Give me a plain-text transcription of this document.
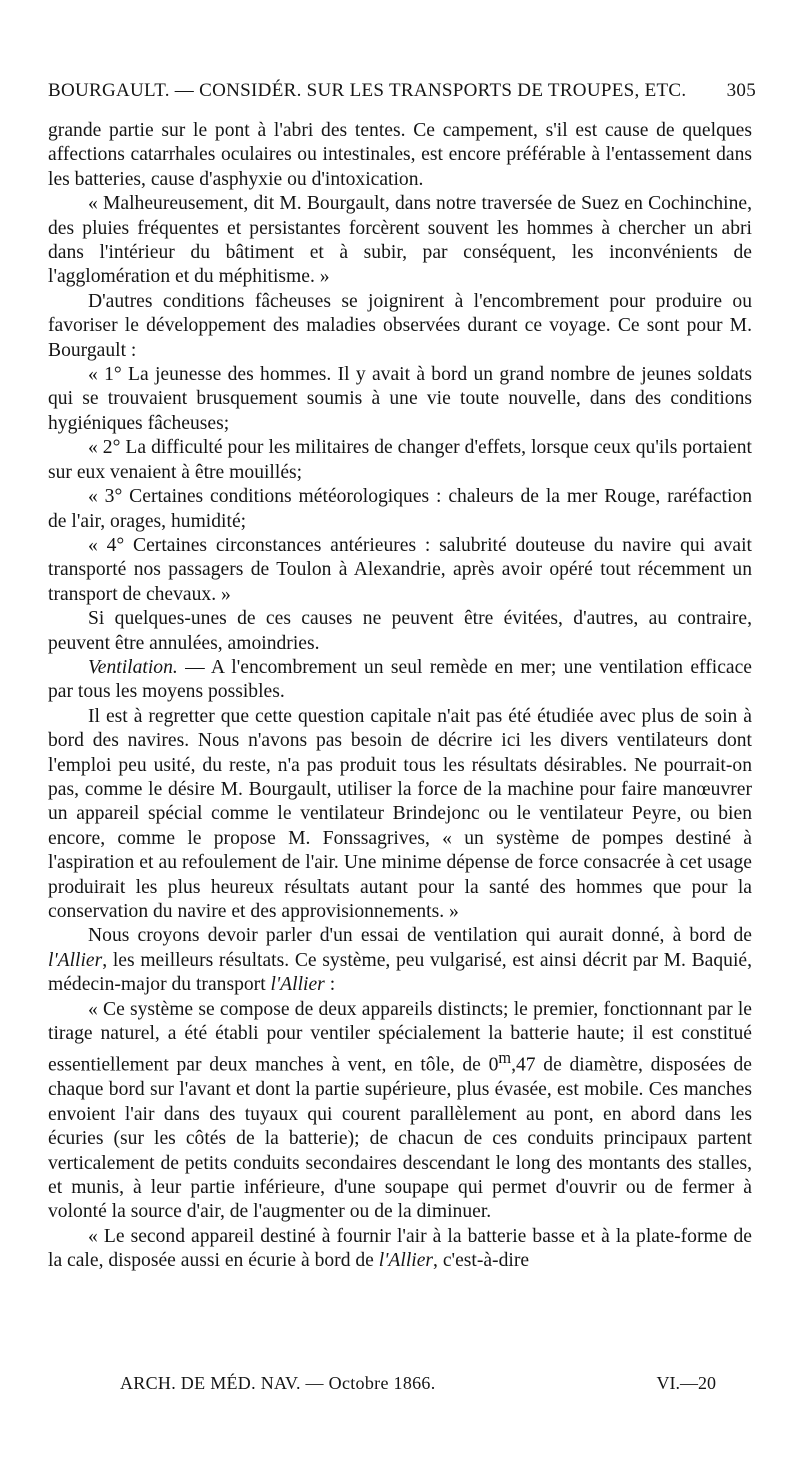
BOURGAULT. — CONSIDÉR. SUR LES TRANSPORTS DE TROUPES, ETC. 305

grande partie sur le pont à l'abri des tentes. Ce campement, s'il est cause de quelques affections catarrhales oculaires ou intestinales, est encore préférable à l'entassement dans les batteries, cause d'asphyxie ou d'intoxication.

« Malheureusement, dit M. Bourgault, dans notre traversée de Suez en Cochinchine, des pluies fréquentes et persistantes forcèrent souvent les hommes à chercher un abri dans l'intérieur du bâtiment et à subir, par conséquent, les inconvénients de l'agglomération et du méphitisme. »

D'autres conditions fâcheuses se joignirent à l'encombrement pour produire ou favoriser le développement des maladies observées durant ce voyage. Ce sont pour M. Bourgault :

« 1° La jeunesse des hommes. Il y avait à bord un grand nombre de jeunes soldats qui se trouvaient brusquement soumis à une vie toute nouvelle, dans des conditions hygiéniques fâcheuses;

« 2° La difficulté pour les militaires de changer d'effets, lorsque ceux qu'ils portaient sur eux venaient à être mouillés;

« 3° Certaines conditions météorologiques : chaleurs de la mer Rouge, raréfaction de l'air, orages, humidité;

« 4° Certaines circonstances antérieures : salubrité douteuse du navire qui avait transporté nos passagers de Toulon à Alexandrie, après avoir opéré tout récemment un transport de chevaux. »

Si quelques-unes de ces causes ne peuvent être évitées, d'autres, au contraire, peuvent être annulées, amoindries.

Ventilation. — A l'encombrement un seul remède en mer; une ventilation efficace par tous les moyens possibles.

Il est à regretter que cette question capitale n'ait pas été étudiée avec plus de soin à bord des navires. Nous n'avons pas besoin de décrire ici les divers ventilateurs dont l'emploi peu usité, du reste, n'a pas produit tous les résultats désirables. Ne pourrait-on pas, comme le désire M. Bourgault, utiliser la force de la machine pour faire manœuvrer un appareil spécial comme le ventilateur Brindejonc ou le ventilateur Peyre, ou bien encore, comme le propose M. Fonssagrives, « un système de pompes destiné à l'aspiration et au refoulement de l'air. Une minime dépense de force consacrée à cet usage produirait les plus heureux résultats autant pour la santé des hommes que pour la conservation du navire et des approvisionnements. »

Nous croyons devoir parler d'un essai de ventilation qui aurait donné, à bord de l'Allier, les meilleurs résultats. Ce système, peu vulgarisé, est ainsi décrit par M. Baquié, médecin-major du transport l'Allier :

« Ce système se compose de deux appareils distincts; le premier, fonctionnant par le tirage naturel, a été établi pour ventiler spécialement la batterie haute; il est constitué essentiellement par deux manches à vent, en tôle, de 0$^m$,47 de diamètre, disposées de chaque bord sur l'avant et dont la partie supérieure, plus évasée, est mobile. Ces manches envoient l'air dans des tuyaux qui courent parallèlement au pont, en abord dans les écuries (sur les côtés de la batterie); de chacun de ces conduits principaux partent verticalement de petits conduits secondaires descendant le long des montants des stalles, et munis, à leur partie inférieure, d'une soupape qui permet d'ouvrir ou de fermer à volonté la source d'air, de l'augmenter ou de la diminuer.

« Le second appareil destiné à fournir l'air à la batterie basse et à la plate-forme de la cale, disposée aussi en écurie à bord de l'Allier, c'est-à-dire

ARCH. DE MÉD. NAV. — Octobre 1866.	VI.—20
